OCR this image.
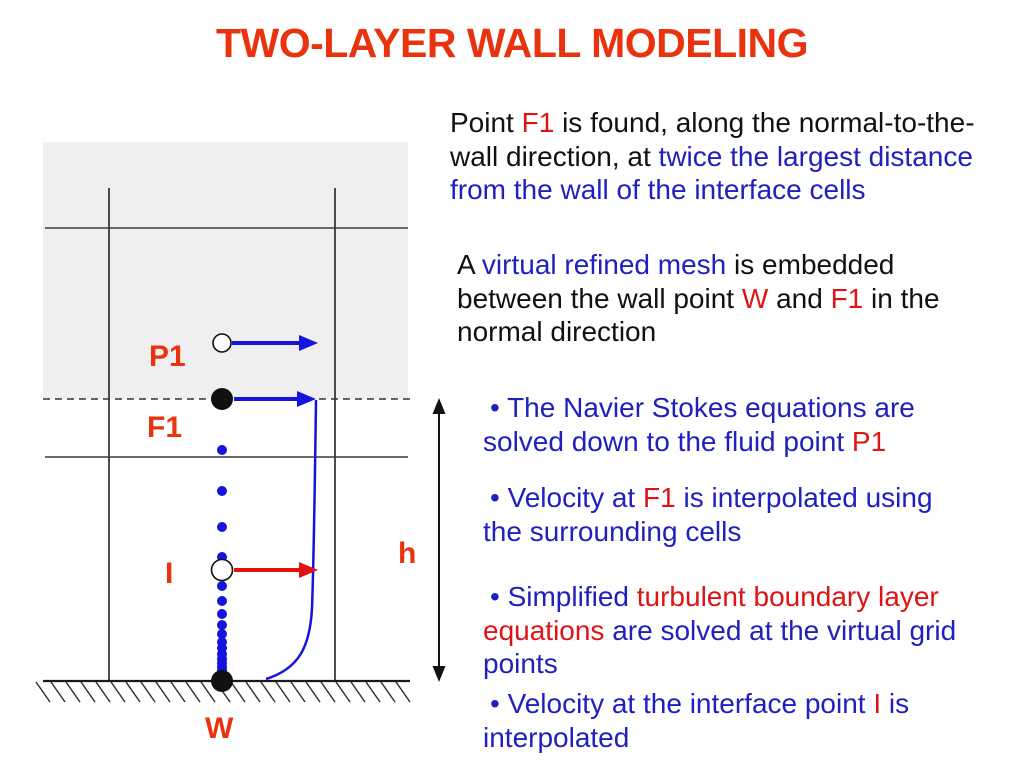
TWO-LAYER WALL MODELING
P1
F1
I
W
h
Point F1 is found, along the normal-to-the-wall direction, at twice the largest distance from the wall of the interface cells
A virtual refined mesh is embedded between the wall point W and F1 in the normal direction
• The Navier Stokes equations are solved down to the fluid point P1
• Velocity at F1 is interpolated using the surrounding cells
• Simplified turbulent boundary layer equations are solved at the virtual grid points
• Velocity at the interface point I is interpolated
